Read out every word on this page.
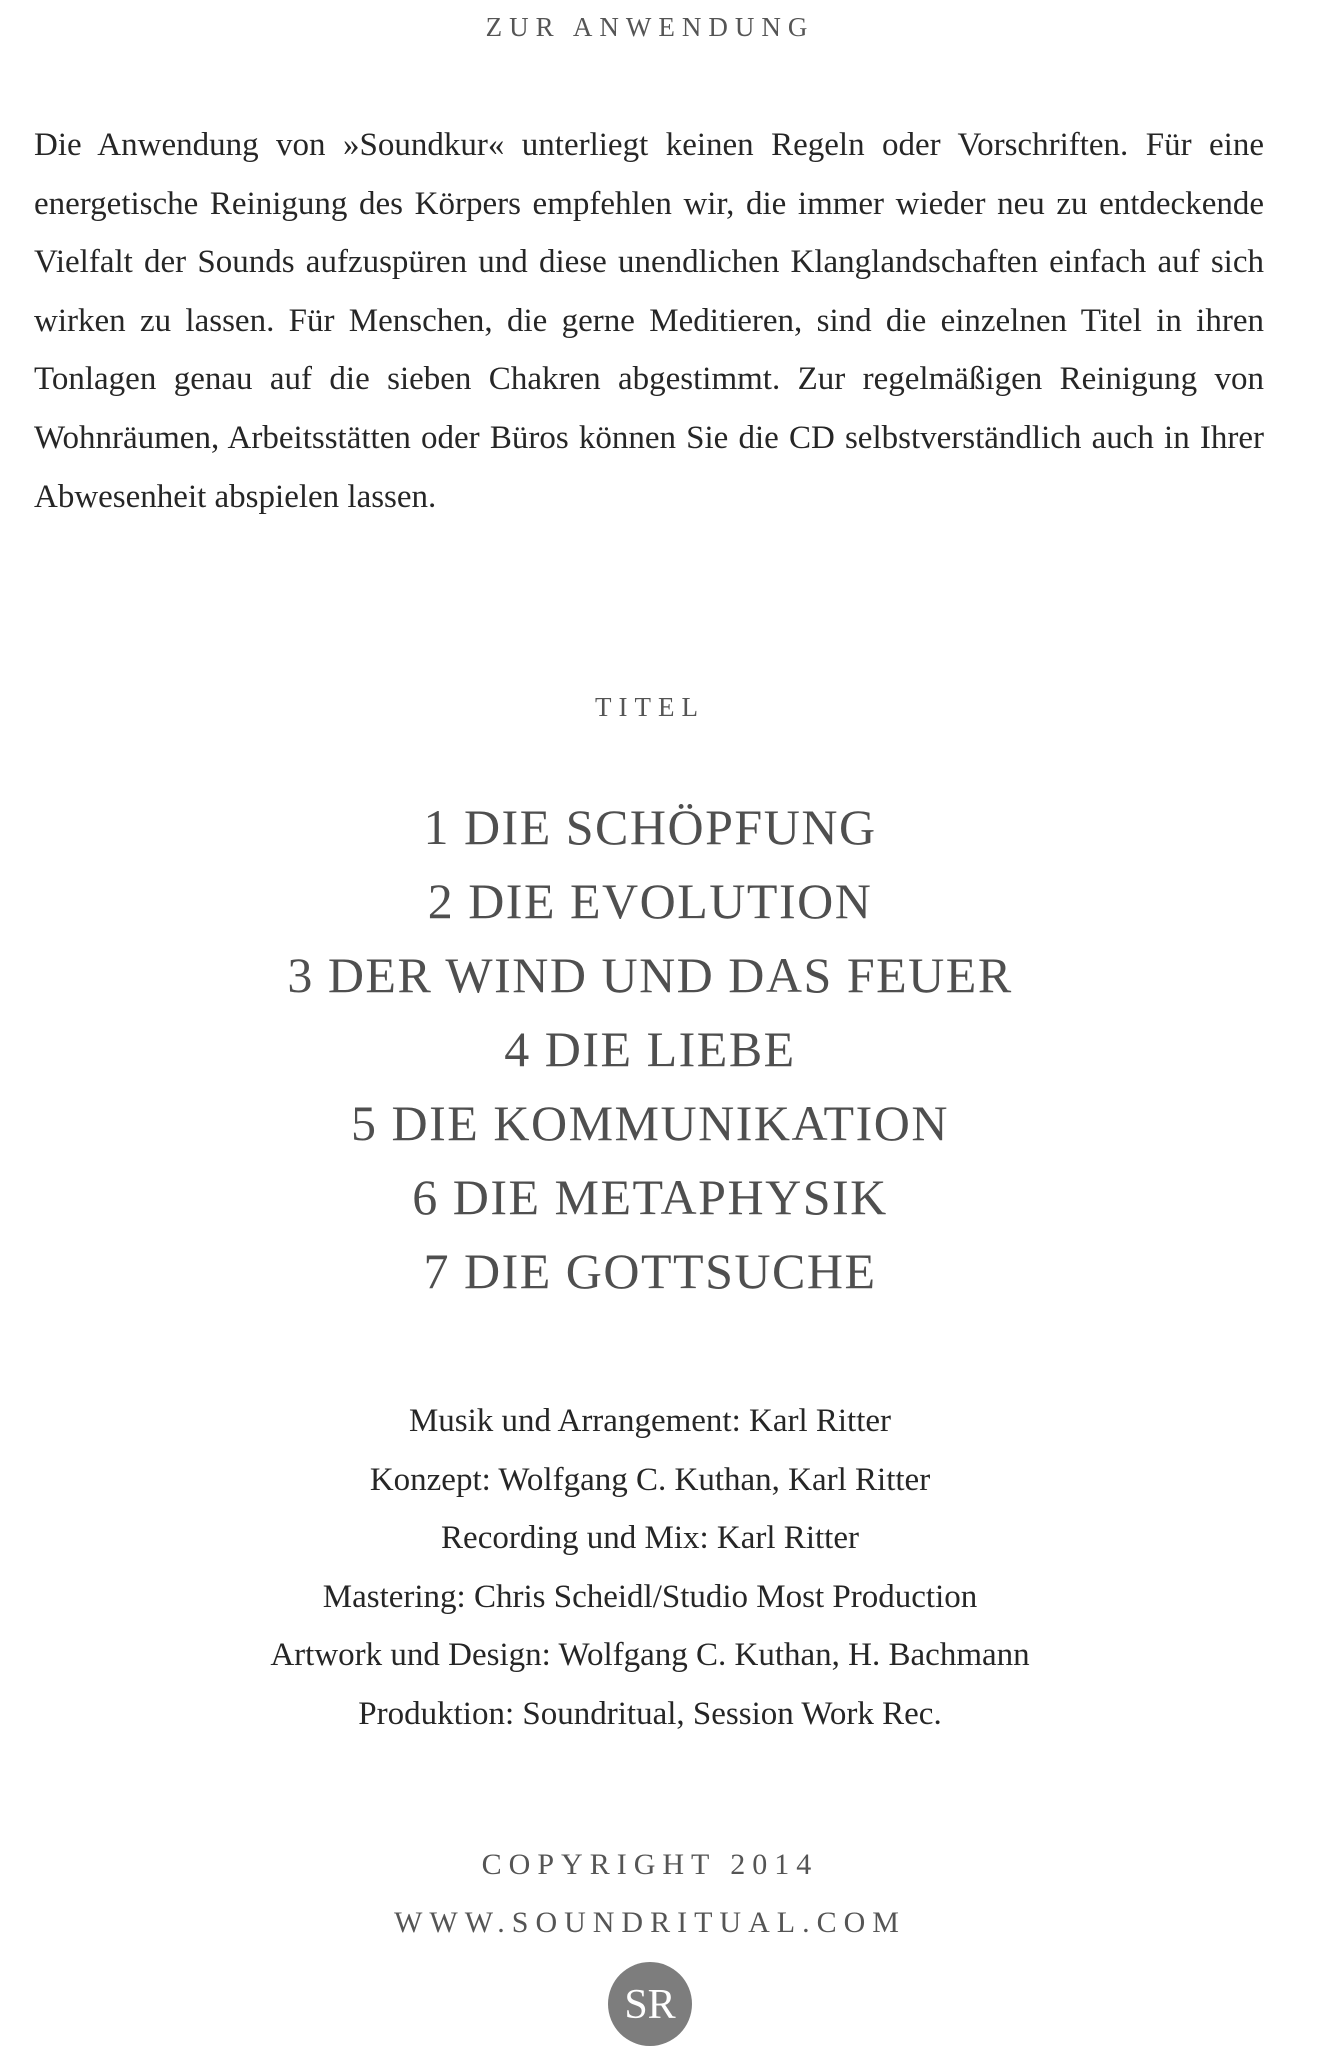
ZUR ANWENDUNG
Die Anwendung von »Soundkur« unterliegt keinen Regeln oder Vorschriften. Für eine energetische Reinigung des Körpers empfehlen wir, die immer wieder neu zu entdeckende Vielfalt der Sounds aufzuspüren und diese unendlichen Klanglandschaften einfach auf sich wirken zu lassen. Für Menschen, die gerne Meditieren, sind die einzelnen Titel in ihren Tonlagen genau auf die sieben Chakren abgestimmt. Zur regelmäßigen Reinigung von Wohnräumen, Arbeitsstätten oder Büros können Sie die CD selbstverständlich auch in Ihrer Abwesenheit abspielen lassen.
TITEL
1 DIE SCHÖPFUNG
2 DIE EVOLUTION
3 DER WIND UND DAS FEUER
4 DIE LIEBE
5 DIE KOMMUNIKATION
6 DIE METAPHYSIK
7 DIE GOTTSUCHE
Musik und Arrangement: Karl Ritter
Konzept: Wolfgang C. Kuthan, Karl Ritter
Recording und Mix: Karl Ritter
Mastering: Chris Scheidl/Studio Most Production
Artwork und Design: Wolfgang C. Kuthan, H. Bachmann
Produktion: Soundritual, Session Work Rec.
COPYRIGHT 2014
WWW.SOUNDRITUAL.COM
SR
